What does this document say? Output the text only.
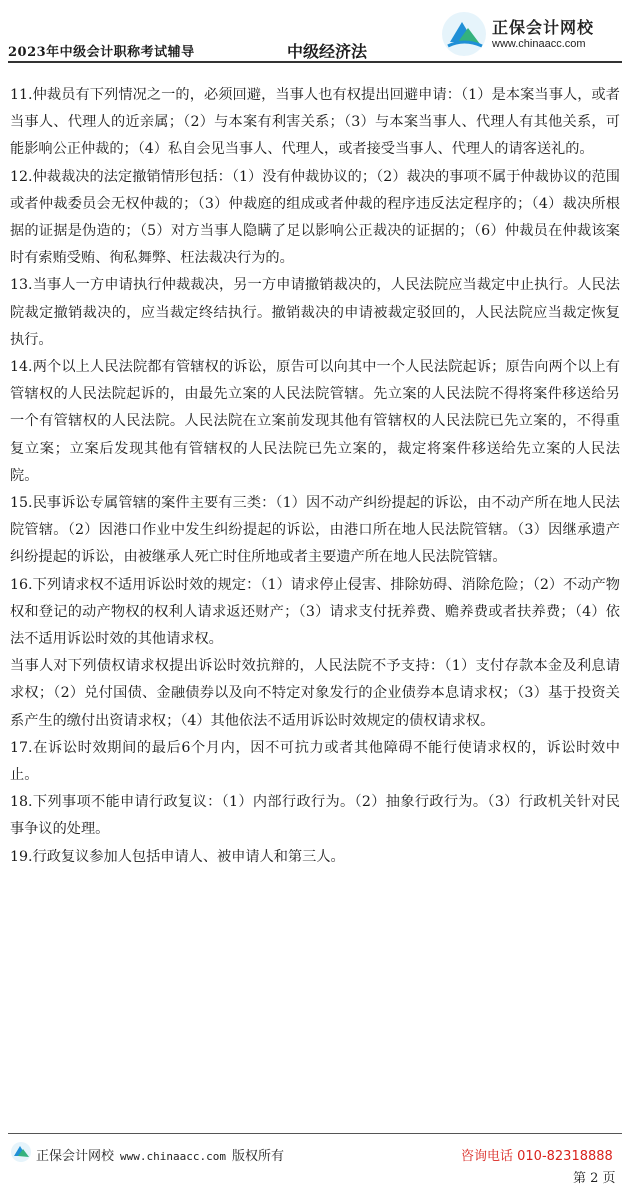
2023年中级会计职称考试辅导	中级经济法
正保会计网校
www.chinaacc.com

11.仲裁员有下列情况之一的，必须回避，当事人也有权提出回避申请：（1）是本案当事人，或者当事人、代理人的近亲属；（2）与本案有利害关系；（3）与本案当事人、代理人有其他关系，可能影响公正仲裁的；（4）私自会见当事人、代理人，或者接受当事人、代理人的请客送礼的。

12.仲裁裁决的法定撤销情形包括：（1）没有仲裁协议的；（2）裁决的事项不属于仲裁协议的范围或者仲裁委员会无权仲裁的；（3）仲裁庭的组成或者仲裁的程序违反法定程序的；（4）裁决所根据的证据是伪造的；（5）对方当事人隐瞒了足以影响公正裁决的证据的；（6）仲裁员在仲裁该案时有索贿受贿、徇私舞弊、枉法裁决行为的。

13.当事人一方申请执行仲裁裁决，另一方申请撤销裁决的，人民法院应当裁定中止执行。人民法院裁定撤销裁决的，应当裁定终结执行。撤销裁决的申请被裁定驳回的，人民法院应当裁定恢复执行。

14.两个以上人民法院都有管辖权的诉讼，原告可以向其中一个人民法院起诉；原告向两个以上有管辖权的人民法院起诉的，由最先立案的人民法院管辖。先立案的人民法院不得将案件移送给另一个有管辖权的人民法院。人民法院在立案前发现其他有管辖权的人民法院已先立案的，不得重复立案；立案后发现其他有管辖权的人民法院已先立案的，裁定将案件移送给先立案的人民法院。

15.民事诉讼专属管辖的案件主要有三类：（1）因不动产纠纷提起的诉讼，由不动产所在地人民法院管辖。（2）因港口作业中发生纠纷提起的诉讼，由港口所在地人民法院管辖。（3）因继承遗产纠纷提起的诉讼，由被继承人死亡时住所地或者主要遗产所在地人民法院管辖。

16.下列请求权不适用诉讼时效的规定：（1）请求停止侵害、排除妨碍、消除危险；（2）不动产物权和登记的动产物权的权利人请求返还财产；（3）请求支付抚养费、赡养费或者扶养费；（4）依法不适用诉讼时效的其他请求权。

当事人对下列债权请求权提出诉讼时效抗辩的，人民法院不予支持：（1）支付存款本金及利息请求权；（2）兑付国债、金融债券以及向不特定对象发行的企业债券本息请求权；（3）基于投资关系产生的缴付出资请求权；（4）其他依法不适用诉讼时效规定的债权请求权。

17.在诉讼时效期间的最后6个月内，因不可抗力或者其他障碍不能行使请求权的，诉讼时效中止。

18.下列事项不能申请行政复议：（1）内部行政行为。（2）抽象行政行为。（3）行政机关针对民事争议的处理。

19.行政复议参加人包括申请人、被申请人和第三人。

正保会计网校 www.chinaacc.com 版权所有	咨询电话 010-82318888
第 2 页
